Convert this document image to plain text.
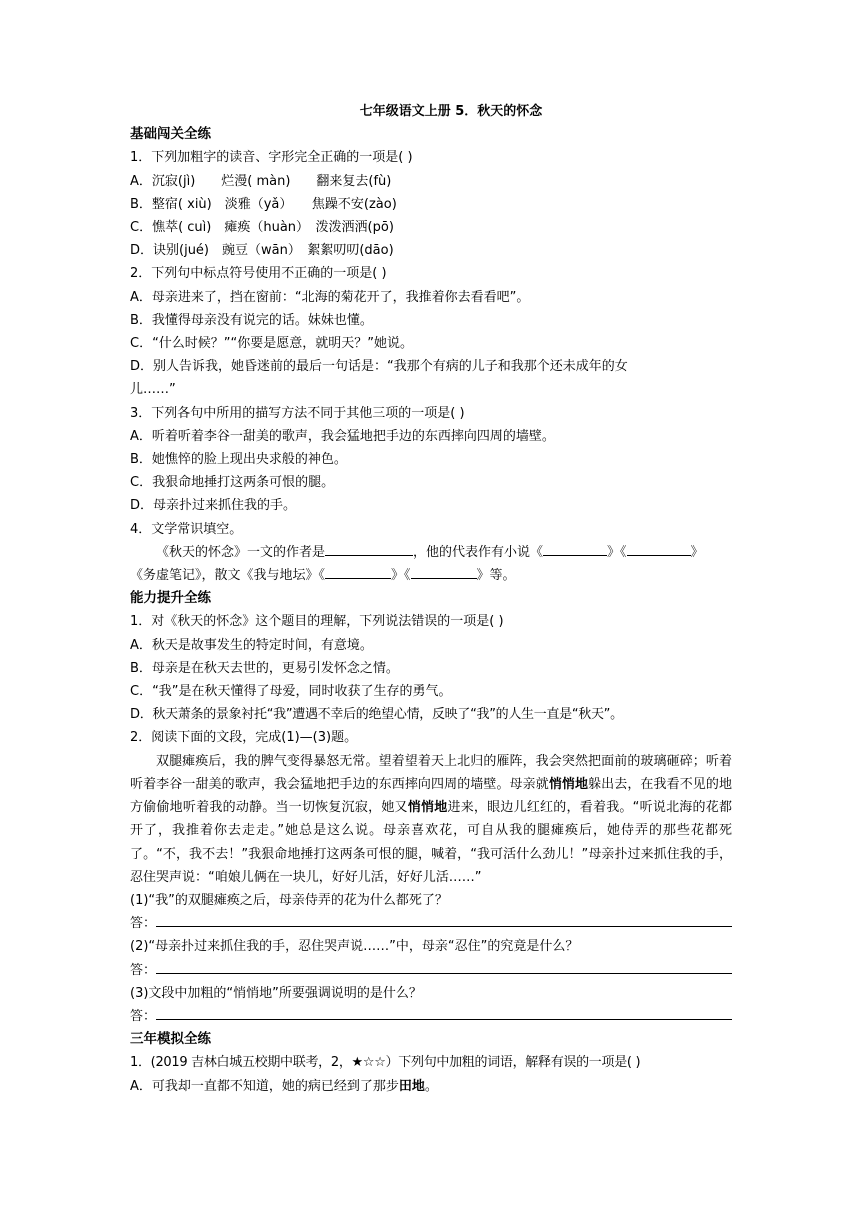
七年级语文上册 5．秋天的怀念
基础闯关全练
1．下列加粗字的读音、字形完全正确的一项是( )
A．沉寂(jì)　　烂漫( màn)　　翻来复去(fù)
B．整宿( xiù)　淡雅（yǎ）　　焦躁不安(zào)
C．憔萃( cuì)　瘫痪（huàn）　泼泼洒洒(pō)
D．诀别(jué)　豌豆（wān）　絮絮叨叨(dāo)
2．下列句中标点符号使用不正确的一项是( )
A．母亲进来了，挡在窗前：“北海的菊花开了，我推着你去看看吧”。
B．我懂得母亲没有说完的话。妹妹也懂。
C．“什么时候？”“你要是愿意，就明天？”她说。
D．别人告诉我，她昏迷前的最后一句话是：“我那个有病的儿子和我那个还未成年的女
儿……”
3．下列各句中所用的描写方法不同于其他三项的一项是( )
A．听着听着李谷一甜美的歌声，我会猛地把手边的东西摔向四周的墙壁。
B．她憔悴的脸上现出央求般的神色。
C．我狠命地捶打这两条可恨的腿。
D．母亲扑过来抓住我的手。
4．文学常识填空。
《秋天的怀念》一文的作者是	，他的代表作有小说《	》《	》
《务虚笔记》，散文《我与地坛》《	》《	》等。
能力提升全练
1．对《秋天的怀念》这个题目的理解，下列说法错误的一项是( )
A．秋天是故事发生的特定时间，有意境。
B．母亲是在秋天去世的，更易引发怀念之情。
C．“我”是在秋天懂得了母爱，同时收获了生存的勇气。
D．秋天萧条的景象衬托“我”遭遇不幸后的绝望心情，反映了“我”的人生一直是“秋天”。
2．阅读下面的文段，完成(1)—(3)题。
双腿瘫痪后，我的脾气变得暴怒无常。望着望着天上北归的雁阵，我会突然把面前的玻璃砸碎；听着听着李谷一甜美的歌声，我会猛地把手边的东西摔向四周的墙壁。母亲就悄悄地躲出去，在我看不见的地方偷偷地听着我的动静。当一切恢复沉寂，她又悄悄地进来，眼边儿红红的，看着我。“听说北海的花都开了，我推着你去走走。”她总是这么说。母亲喜欢花，可自从我的腿瘫痪后，她侍弄的那些花都死了。“不，我不去！”我狠命地捶打这两条可恨的腿，喊着，“我可活什么劲儿！”母亲扑过来抓住我的手，忍住哭声说：“咱娘儿俩在一块儿，好好儿活，好好儿活……”
(1)“我”的双腿瘫痪之后，母亲侍弄的花为什么都死了？
答：
(2)“母亲扑过来抓住我的手，忍住哭声说……”中，母亲“忍住”的究竟是什么？
答：
(3)文段中加粗的“悄悄地”所要强调说明的是什么？
答：
三年模拟全练
1．(2019 吉林白城五校期中联考，2，★☆☆）下列句中加粗的词语，解释有误的一项是( )
A．可我却一直都不知道，她的病已经到了那步田地。
